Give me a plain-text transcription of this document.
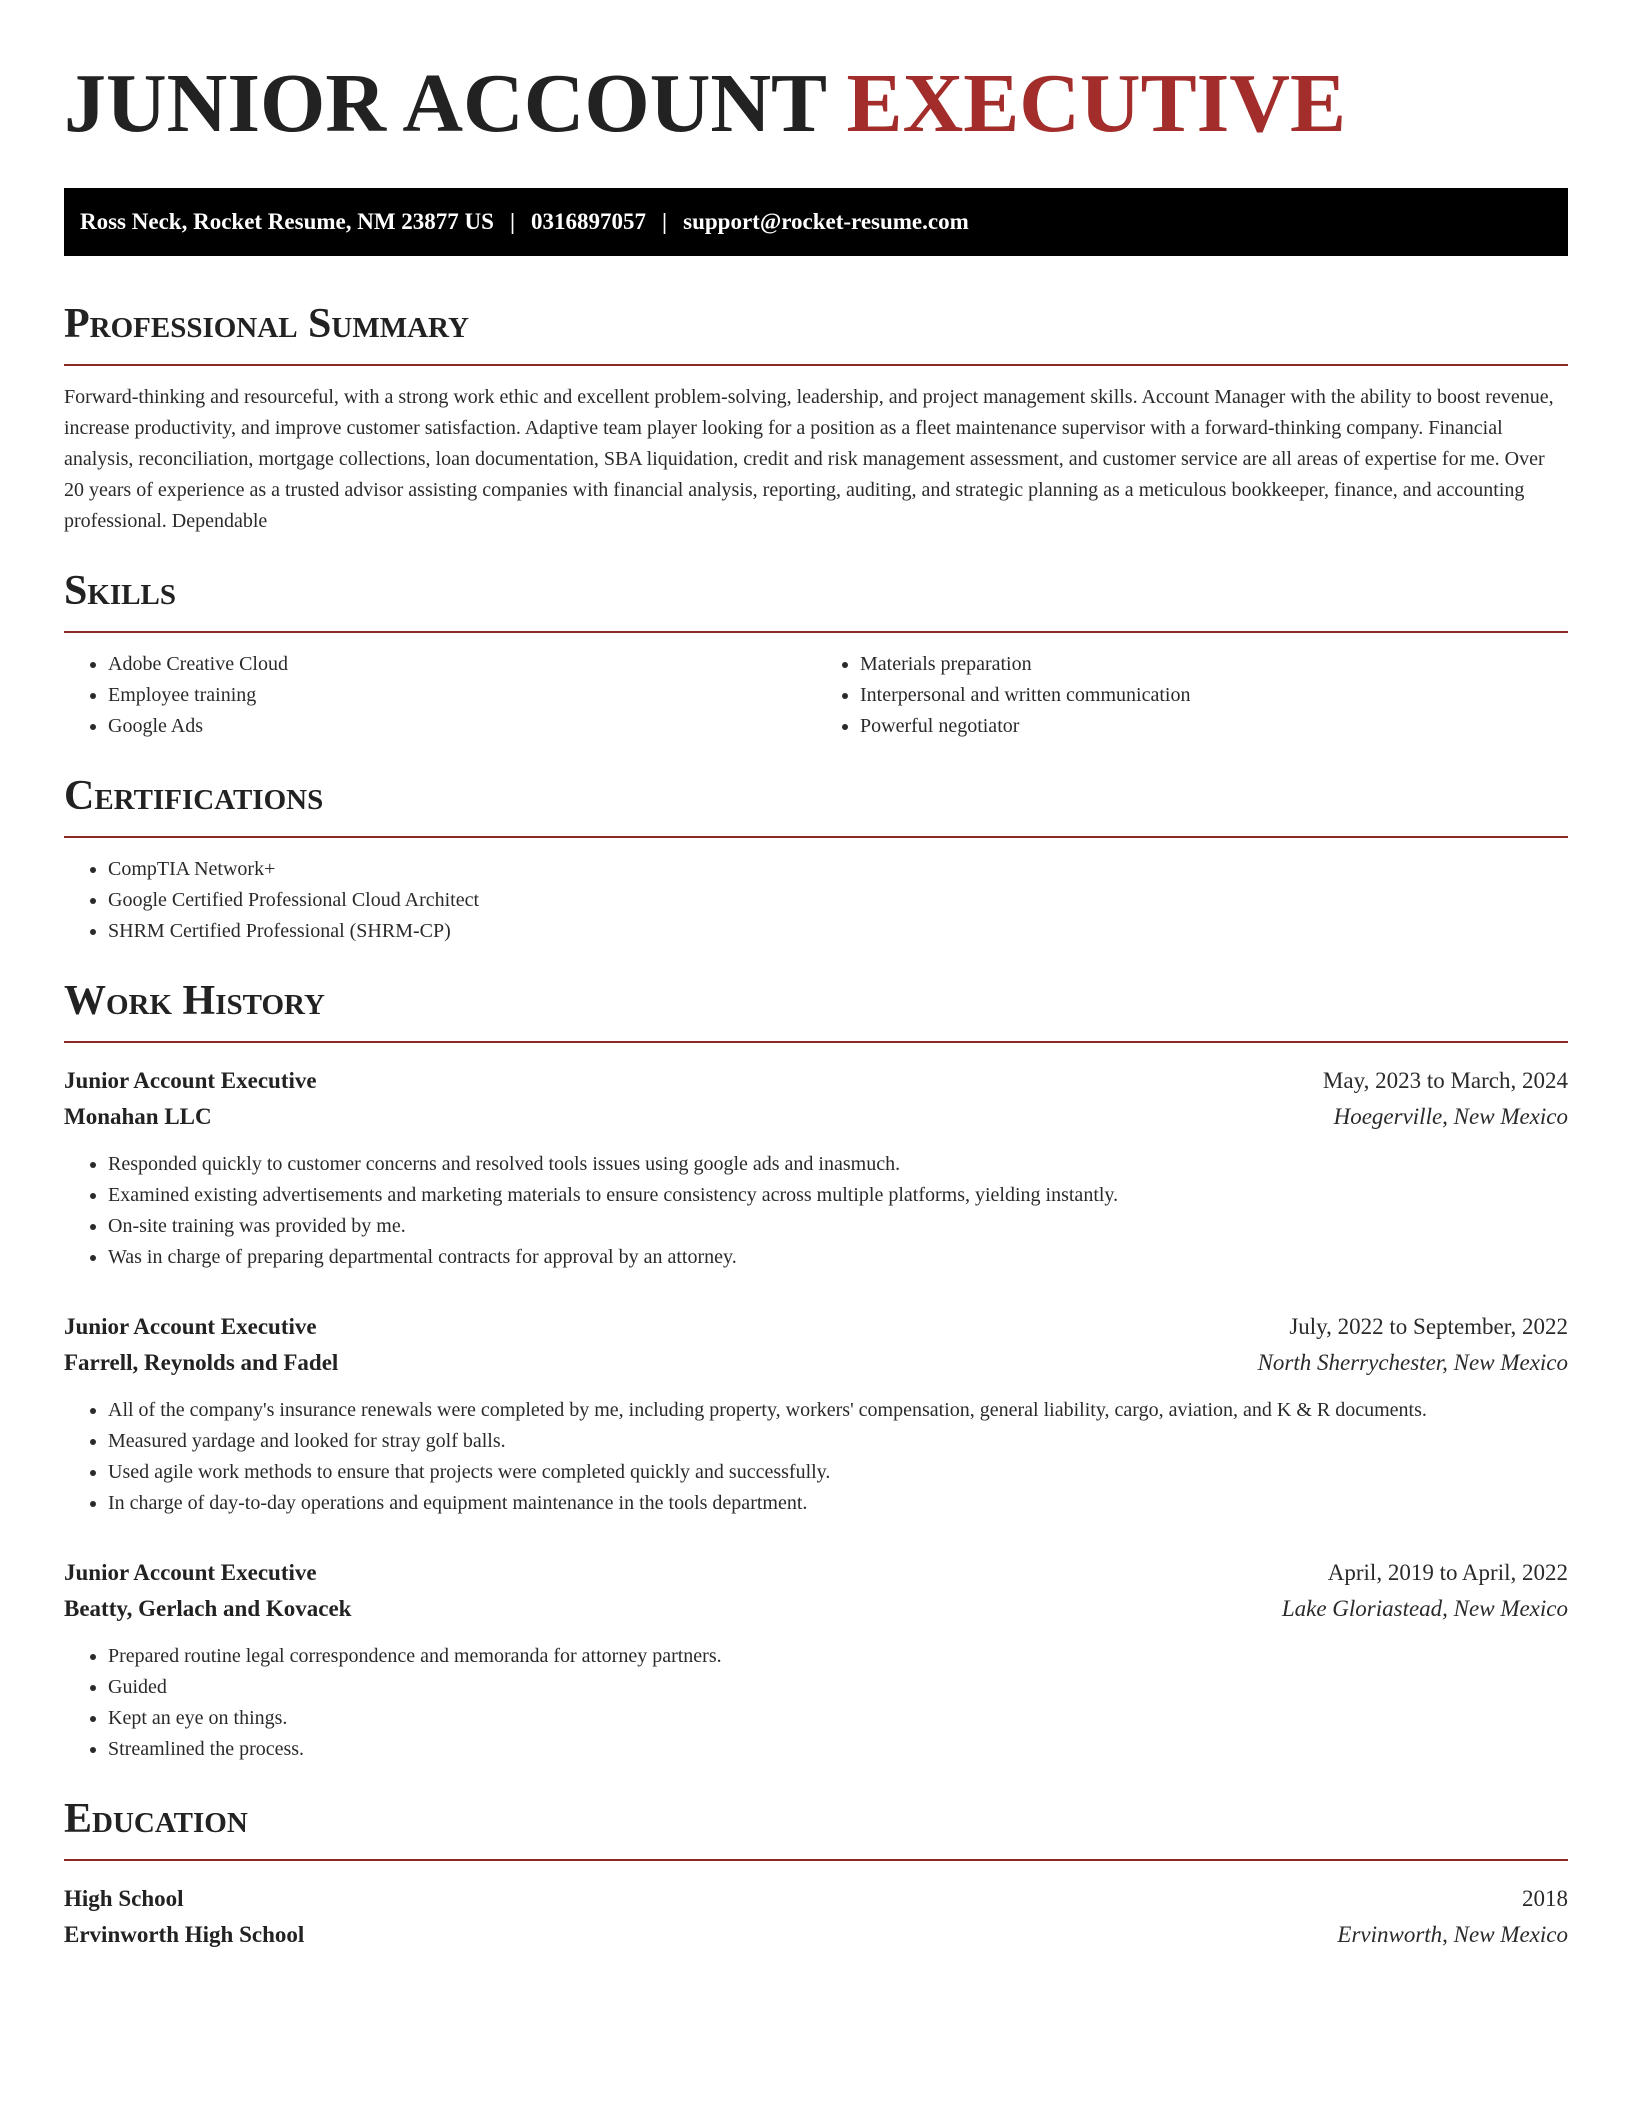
JUNIOR ACCOUNT EXECUTIVE
Ross Neck, Rocket Resume, NM 23877 US | 0316897057 | support@rocket-resume.com
Professional Summary

Forward-thinking and resourceful, with a strong work ethic and excellent problem-solving, leadership, and project management skills. Account Manager with the ability to boost revenue, increase productivity, and improve customer satisfaction. Adaptive team player looking for a position as a fleet maintenance supervisor with a forward-thinking company. Financial analysis, reconciliation, mortgage collections, loan documentation, SBA liquidation, credit and risk management assessment, and customer service are all areas of expertise for me. Over 20 years of experience as a trusted advisor assisting companies with financial analysis, reporting, auditing, and strategic planning as a meticulous bookkeeper, finance, and accounting professional. Dependable

Skills
• Adobe Creative Cloud
• Employee training
• Google Ads
• Materials preparation
• Interpersonal and written communication
• Powerful negotiator
Certifications
• CompTIA Network+
• Google Certified Professional Cloud Architect
• SHRM Certified Professional (SHRM-CP)
Work History
Junior Account Executive	May, 2023 to March, 2024
Monahan LLC	Hoegerville, New Mexico
• Responded quickly to customer concerns and resolved tools issues using google ads and inasmuch.
• Examined existing advertisements and marketing materials to ensure consistency across multiple platforms, yielding instantly.
• On-site training was provided by me.
• Was in charge of preparing departmental contracts for approval by an attorney.
Junior Account Executive	July, 2022 to September, 2022
Farrell, Reynolds and Fadel	North Sherrychester, New Mexico
• All of the company's insurance renewals were completed by me, including property, workers' compensation, general liability, cargo, aviation, and K & R documents.
• Measured yardage and looked for stray golf balls.
• Used agile work methods to ensure that projects were completed quickly and successfully.
• In charge of day-to-day operations and equipment maintenance in the tools department.
Junior Account Executive	April, 2019 to April, 2022
Beatty, Gerlach and Kovacek	Lake Gloriastead, New Mexico
• Prepared routine legal correspondence and memoranda for attorney partners.
• Guided
• Kept an eye on things.
• Streamlined the process.
Education
High School	2018
Ervinworth High School	Ervinworth, New Mexico
